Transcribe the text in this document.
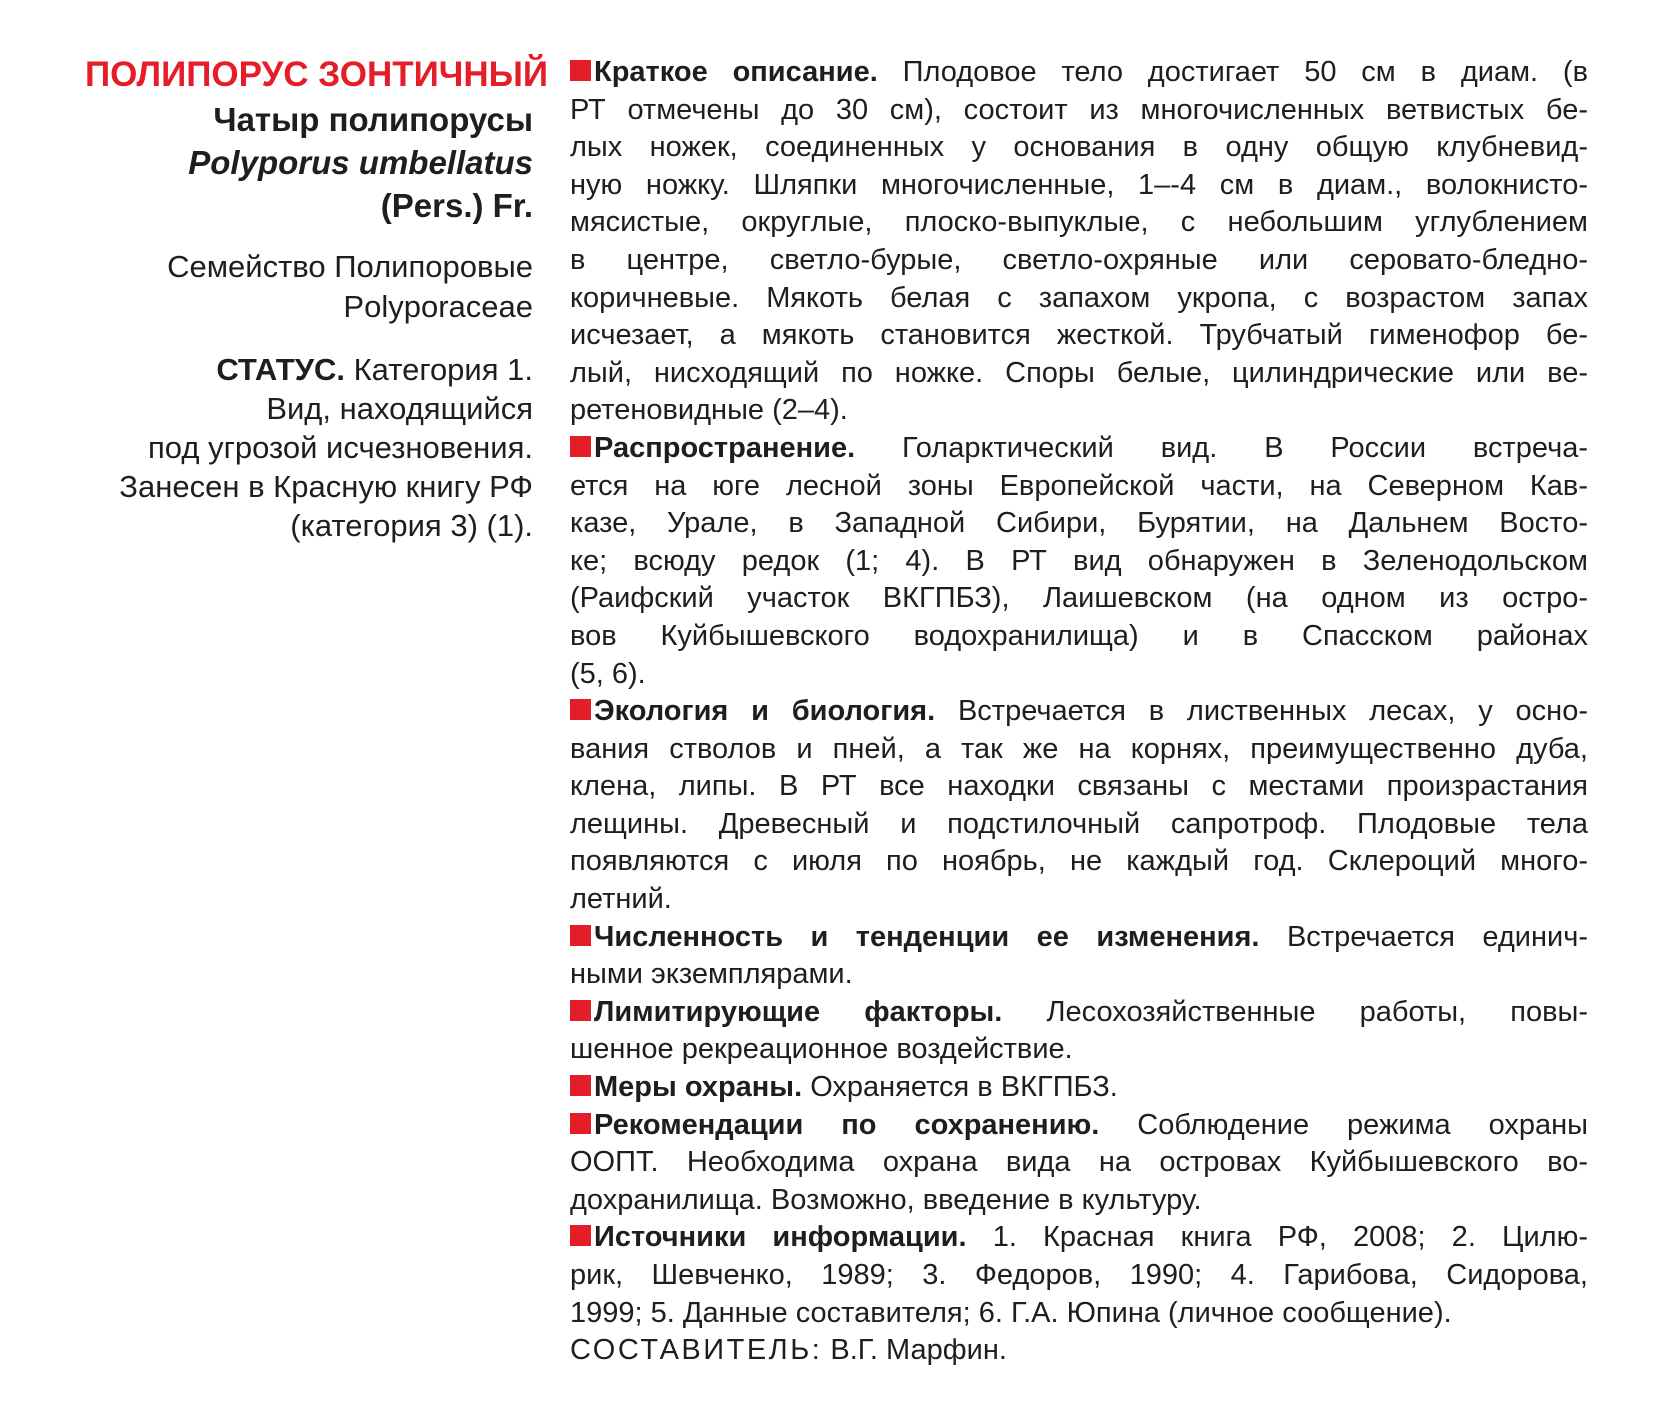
ПОЛИПОРУС ЗОНТИЧНЫЙ
Чатыр полипорусы
Polyporus umbellatus
(Pers.) Fr.
Семейство Полипоровые
Polyporaceae
СТАТУС. Категория 1.
Вид, находящийся
под угрозой исчезновения.
Занесен в Красную книгу РФ
(категория 3) (1).
Краткое описание. Плодовое тело достигает 50 см в диам. (в
РТ отмечены до 30 см), состоит из многочисленных ветвистых бе-
лых ножек, соединенных у основания в одну общую клубневид-
ную ножку. Шляпки многочисленные, 1–-4 см в диам., волокнисто-
мясистые, округлые, плоско-выпуклые, с небольшим углублением
в центре, светло-бурые, светло-охряные или серовато-бледно-
коричневые. Мякоть белая с запахом укропа, с возрастом запах
исчезает, а мякоть становится жесткой. Трубчатый гименофор бе-
лый, нисходящий по ножке. Споры белые, цилиндрические или ве-
ретеновидные (2–4).
Распространение. Голарктический вид. В России встреча-
ется на юге лесной зоны Европейской части, на Северном Кав-
казе, Урале, в Западной Сибири, Бурятии, на Дальнем Восто-
ке; всюду редок (1; 4). В РТ вид обнаружен в Зеленодольском
(Раифский участок ВКГПБЗ), Лаишевском (на одном из остро-
вов Куйбышевского водохранилища) и в Спасском районах
(5, 6).
Экология и биология. Встречается в лиственных лесах, у осно-
вания стволов и пней, а так же на корнях, преимущественно дуба,
клена, липы. В РТ все находки связаны с местами произрастания
лещины. Древесный и подстилочный сапротроф. Плодовые тела
появляются с июля по ноябрь, не каждый год. Склероций много-
летний.
Численность и тенденции ее изменения. Встречается единич-
ными экземплярами.
Лимитирующие факторы. Лесохозяйственные работы, повы-
шенное рекреационное воздействие.
Меры охраны. Охраняется в ВКГПБЗ.
Рекомендации по сохранению. Соблюдение режима охраны
ООПТ. Необходима охрана вида на островах Куйбышевского во-
дохранилища. Возможно, введение в культуру.
Источники информации. 1. Красная книга РФ, 2008; 2. Цилю-
рик, Шевченко, 1989; 3. Федоров, 1990; 4. Гарибова, Сидорова,
1999; 5. Данные составителя; 6. Г.А. Юпина (личное сообщение).
СОСТАВИТЕЛЬ: В.Г. Марфин.
